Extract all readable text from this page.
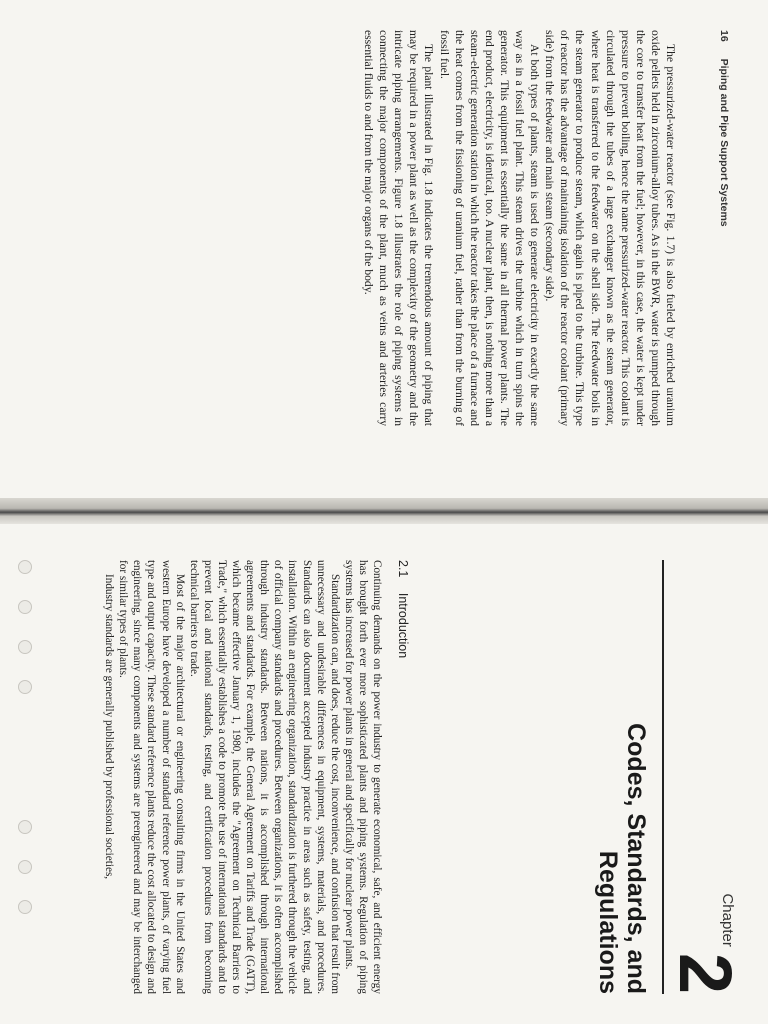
16 Piping and Pipe Support Systems

The pressurized-water reactor (see Fig. 1.7) is also fueled by enriched uranium oxide pellets held in zirconium-alloy tubes. As in the BWR, water is pumped through the core to transfer heat from the fuel; however, in this case, the water is kept under pressure to prevent boiling, hence the name pressurized-water reactor. This coolant is circulated through the tubes of a large exchanger known as the steam generator, where heat is transferred to the feedwater on the shell side. The feedwater boils in the steam generator to produce steam, which again is piped to the turbine. This type of reactor has the advantage of maintaining isolation of the reactor coolant (primary side) from the feedwater and main steam (secondary side).

At both types of plants, steam is used to generate electricity in exactly the same way as in a fossil fuel plant. This steam drives the turbine which in turn spins the generator. This equipment is essentially the same in all thermal power plants. The end product, electricity, is identical, too. A nuclear plant, then, is nothing more than a steam-electric generation station in which the reactor takes the place of a furnace and the heat comes from the fissioning of uranium fuel, rather than from the burning of fossil fuel.

The plant illustrated in Fig. 1.8 indicates the tremendous amount of piping that may be required in a power plant as well as the complexity of the geometry and the intricate piping arrangements. Figure 1.8 illustrates the role of piping systems in connecting the major components of the plant, much as veins and arteries carry essential fluids to and from the major organs of the body.

Chapter2
Codes, Standards, and
Regulations
2.1 Introduction

Continuing demands on the power industry to generate economical, safe, and efficient energy has brought forth ever more sophisticated plants and piping systems. Regulation of piping systems has increased for power plants in general and specifically for nuclear power plants.

Standardization can, and does, reduce the cost, inconvenience, and confusion that result from unnecessary and undesirable differences in equipment, systems, materials, and procedures. Standards can also document accepted industry practice in areas such as safety, testing, and installation. Within an engineering organization, standardization is furthered through the vehicle of official company standards and procedures. Between organizations, it is often accomplished through industry standards. Between nations, it is accomplished through international agreements and standards. For example, the General Agreement on Tariffs and Trade (GATT), which became effective January 1, 1980, includes the "Agreement on Technical Barriers to Trade," which essentially establishes a code to promote the use of international standards and to prevent local and national standards, testing, and certification procedures from becoming technical barriers to trade.

Most of the major architectural or engineering consulting firms in the United States and western Europe have developed a number of standard reference power plants, of varying fuel type and output capacity. These standard reference plants reduce the cost allocated to design and engineering, since many components and systems are preengineered and may be interchanged for similar types of plants.

Industry standards are generally published by professional societies,
